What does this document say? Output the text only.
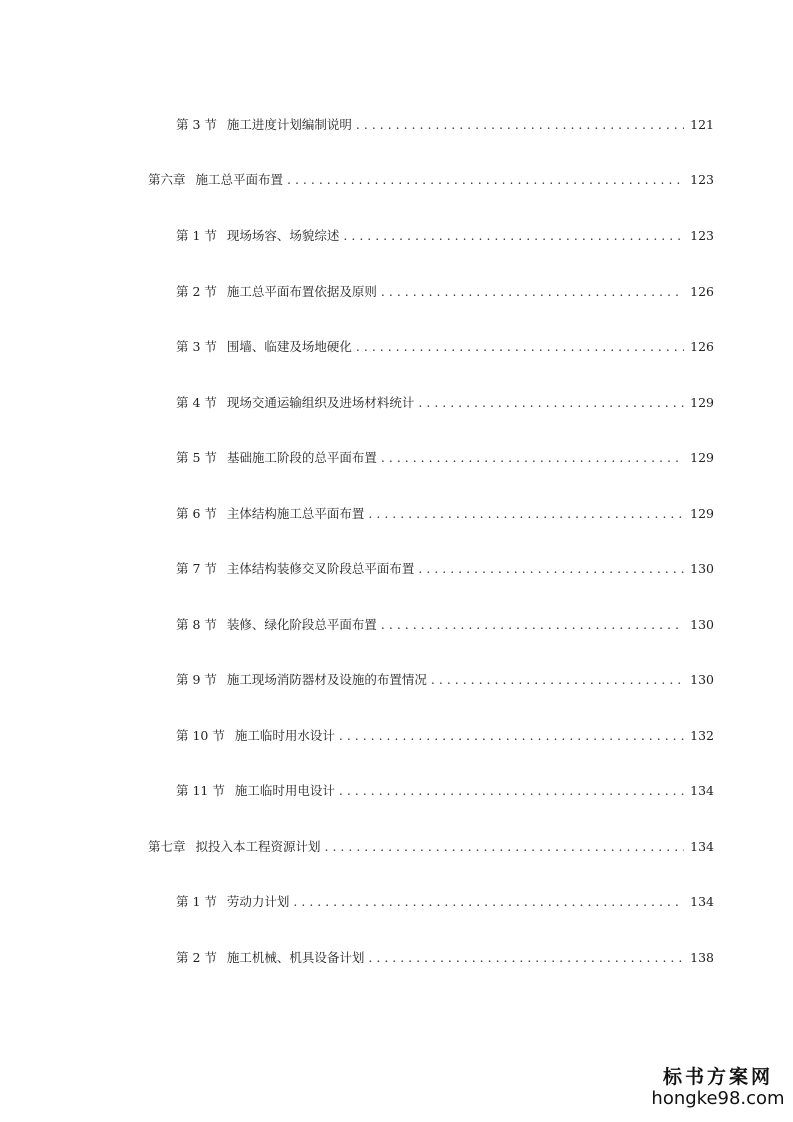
第 3 节 施工进度计划编制说明 . . .	121
第六章 施工总平面布置 . . .	123
第 1 节 现场场容、场貌综述 . . .	123
第 2 节 施工总平面布置依据及原则 . . .	126
第 3 节 围墙、临建及场地硬化 . . .	126
第 4 节 现场交通运输组织及进场材料统计 . . .	129
第 5 节 基础施工阶段的总平面布置 . . .	129
第 6 节 主体结构施工总平面布置 . . .	129
第 7 节 主体结构装修交叉阶段总平面布置 . . .	130
第 8 节 装修、绿化阶段总平面布置 . . .	130
第 9 节 施工现场消防器材及设施的布置情况 . . .	130
第 10 节 施工临时用水设计 . . .	132
第 11 节 施工临时用电设计 . . .	134
第七章 拟投入本工程资源计划 . . .	134
第 1 节 劳动力计划 . . .	134
第 2 节 施工机械、机具设备计划 . . .	138
标书方案网
hongke98.com
